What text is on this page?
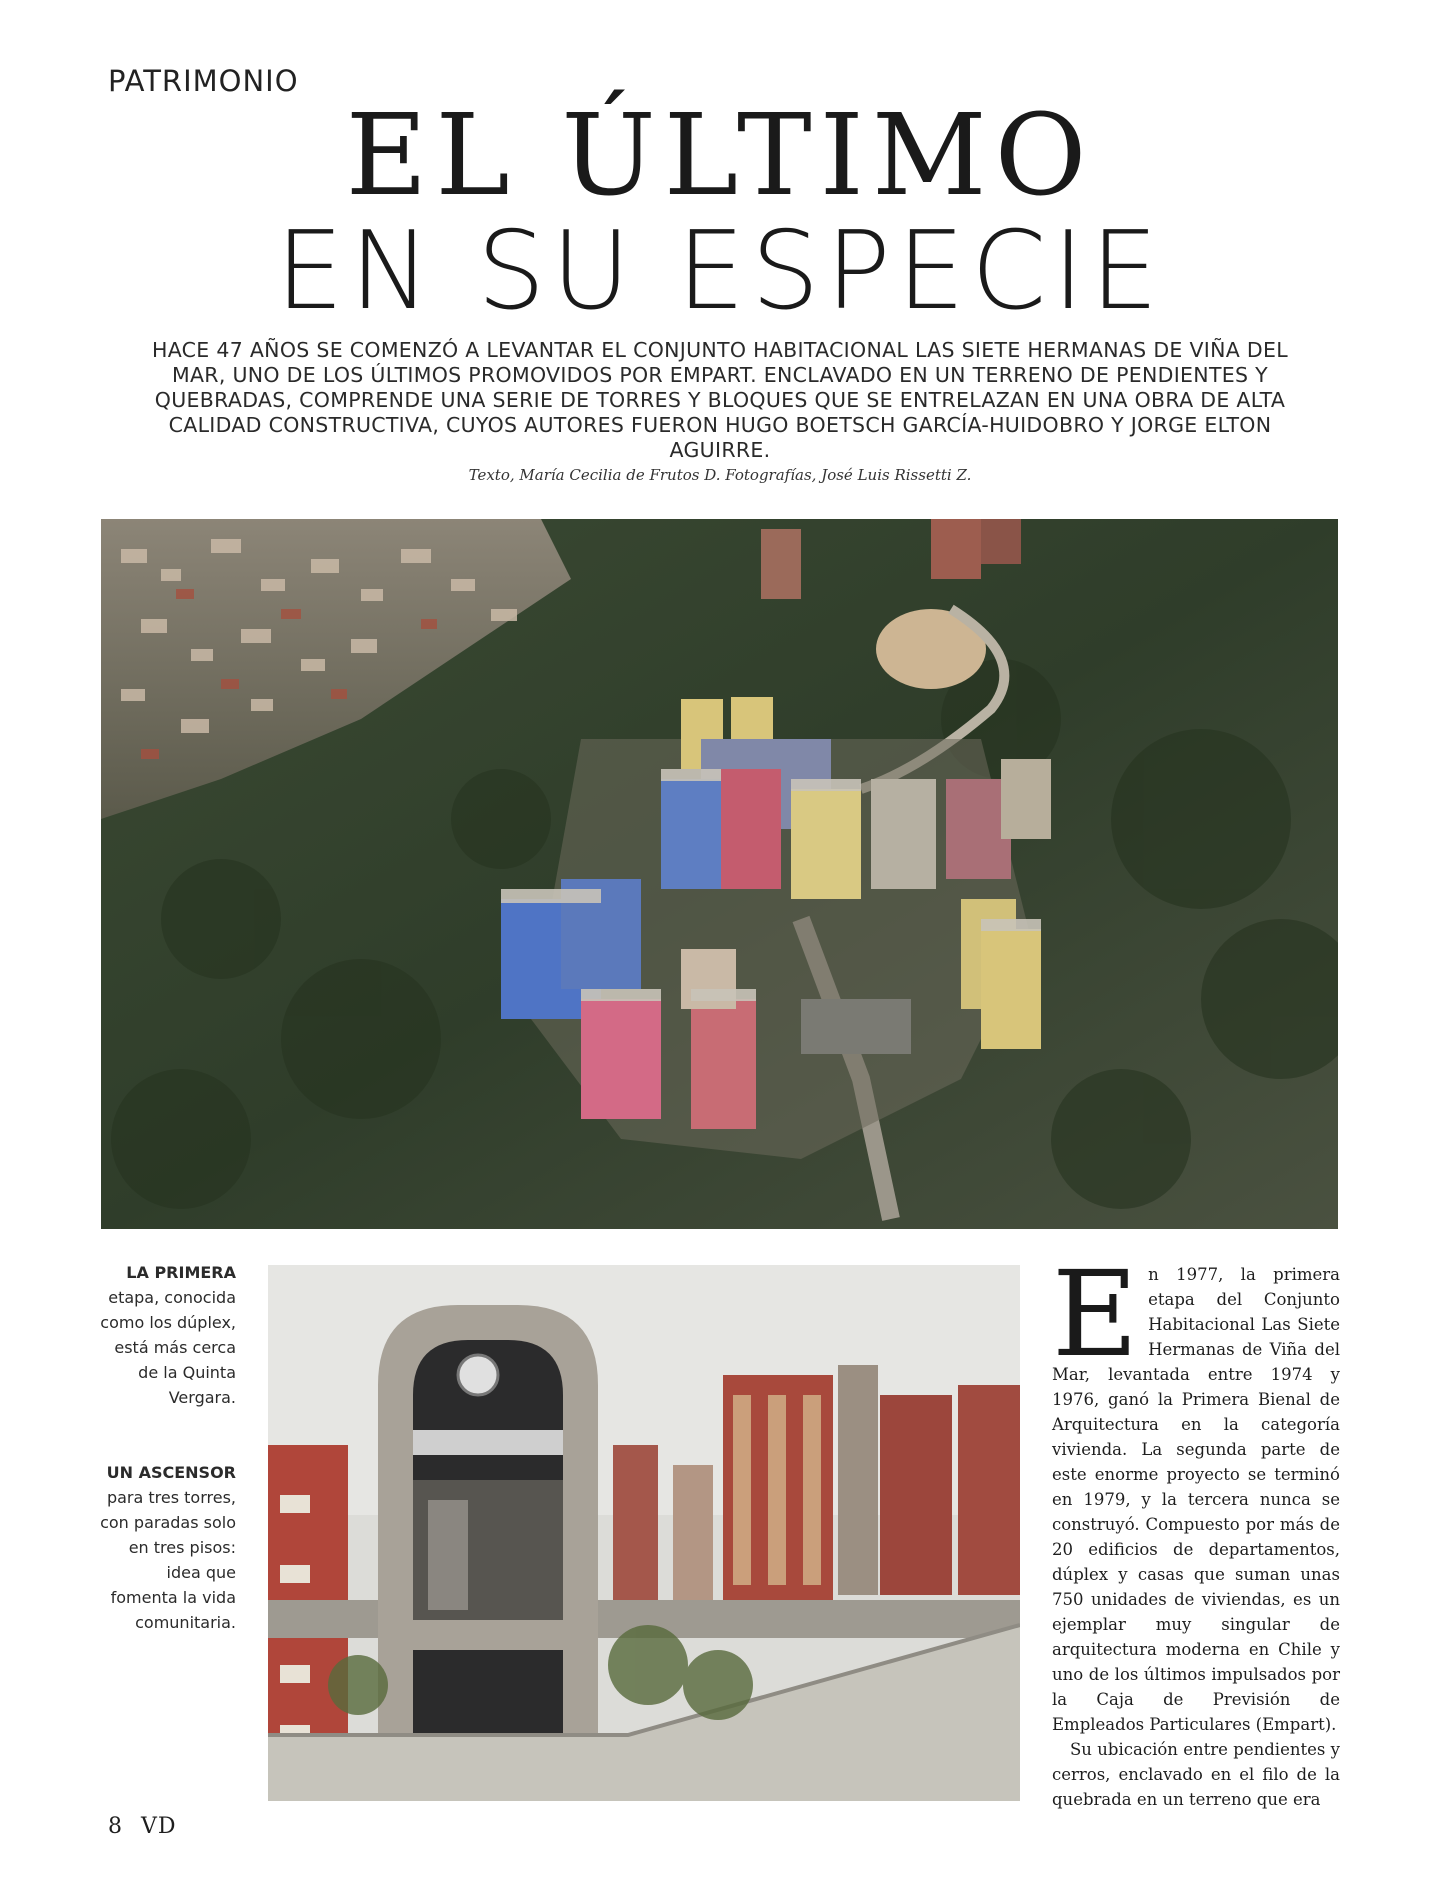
PATRIMONIO
EL ÚLTIMO
EN SU ESPECIE
HACE 47 AÑOS SE COMENZÓ A LEVANTAR EL CONJUNTO HABITACIONAL LAS SIETE HERMANAS DE VIÑA DEL MAR, UNO DE LOS ÚLTIMOS PROMOVIDOS POR EMPART. ENCLAVADO EN UN TERRENO DE PENDIENTES Y QUEBRADAS, COMPRENDE UNA SERIE DE TORRES Y BLOQUES QUE SE ENTRELAZAN EN UNA OBRA DE ALTA CALIDAD CONSTRUCTIVA, CUYOS AUTORES FUERON HUGO BOETSCH GARCÍA-HUIDOBRO Y JORGE ELTON AGUIRRE.
Texto, María Cecilia de Frutos D. Fotografías, José Luis Rissetti Z.
LA PRIMERA etapa, conocida como los dúplex, está más cerca de la Quinta Vergara.
UN ASCENSOR para tres torres, con paradas solo en tres pisos: idea que fomenta la vida comunitaria.

E n 1977, la primera etapa del Conjunto Habitacional Las Siete Hermanas de Viña del Mar, levantada entre 1974 y 1976, ganó la Primera Bienal de Arquitectura en la categoría vivienda. La segunda parte de este enorme proyecto se terminó en 1979, y la tercera nunca se construyó. Compuesto por más de 20 edificios de departamentos, dúplex y casas que suman unas 750 unidades de viviendas, es un ejemplar muy singular de arquitectura moderna en Chile y uno de los últimos impulsados por la Caja de Previsión de Empleados Particulares (Empart).

Su ubicación entre pendientes y cerros, enclavado en el filo de la quebrada en un terreno que era

8 VD
